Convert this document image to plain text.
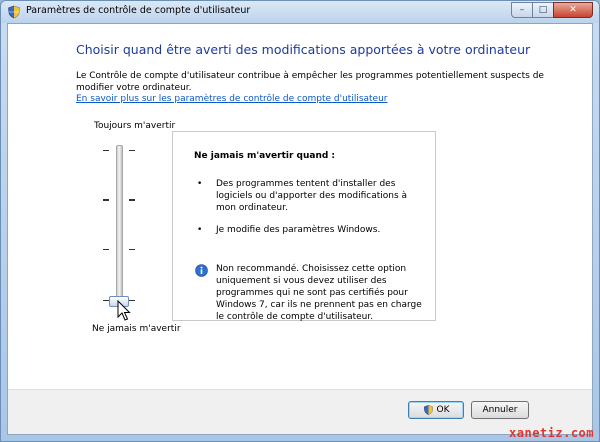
Paramètres de contrôle de compte d'utilisateur	–	□	✕
Choisir quand être averti des modifications apportées à votre ordinateur
Le Contrôle de compte d'utilisateur contribue à empêcher les programmes potentiellement suspects de modifier votre ordinateur.
En savoir plus sur les paramètres de contrôle de compte d'utilisateur
Toujours m'avertir
Ne jamais m'avertir
Ne jamais m'avertir quand :
• Des programmes tentent d'installer des logiciels ou d'apporter des modifications à mon ordinateur.
• Je modifie des paramètres Windows.
Non recommandé. Choisissez cette option uniquement si vous devez utiliser des programmes qui ne sont pas certifiés pour Windows 7, car ils ne prennent pas en charge le contrôle de compte d'utilisateur.
OK	Annuler
xanetiz.com
